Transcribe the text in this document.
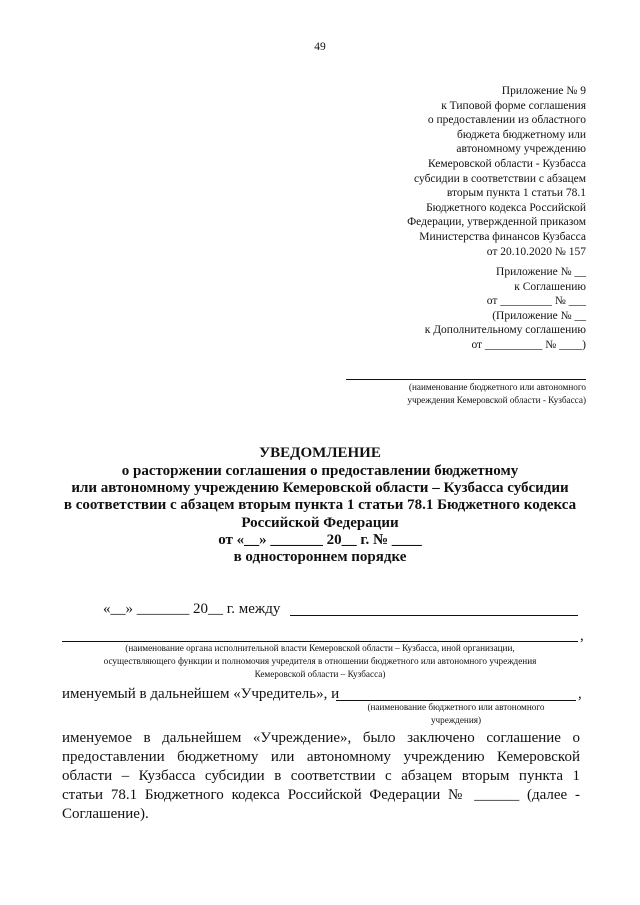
49
Приложение № 9
к Типовой форме соглашения
о предоставлении из областного
бюджета бюджетному или
автономному учреждению
Кемеровской области - Кузбасса
субсидии в соответствии с абзацем
вторым пункта 1 статьи 78.1
Бюджетного кодекса Российской
Федерации, утвержденной приказом
Министерства финансов Кузбасса
от 20.10.2020 № 157
Приложение № __
к Соглашению
от _________ № ___
(Приложение № __
к Дополнительному соглашению
от __________ № ____)
(наименование бюджетного или автономного
учреждения Кемеровской области - Кузбасса)
УВЕДОМЛЕНИЕ
о расторжении соглашения о предоставлении бюджетному
или автономному учреждению Кемеровской области – Кузбасса субсидии
в соответствии с абзацем вторым пункта 1 статьи 78.1 Бюджетного кодекса
Российской Федерации
от «__» _______ 20__ г. № ____
в одностороннем порядке
«__» _______ 20__ г. между
,
(наименование органа исполнительной власти Кемеровской области – Кузбасса, иной организации,
осуществляющего функции и полномочия учредителя в отношении бюджетного или автономного учреждения
Кемеровской области – Кузбасса)
именуемый в дальнейшем «Учредитель», и	,
(наименование бюджетного или автономного
учреждения)
именуемое в дальнейшем «Учреждение», было заключено соглашение о
предоставлении бюджетному или автономному учреждению Кемеровской
области – Кузбасса субсидии в соответствии с абзацем вторым пункта 1
статьи 78.1 Бюджетного кодекса Российской Федерации № ______ (далее -
Соглашение).
